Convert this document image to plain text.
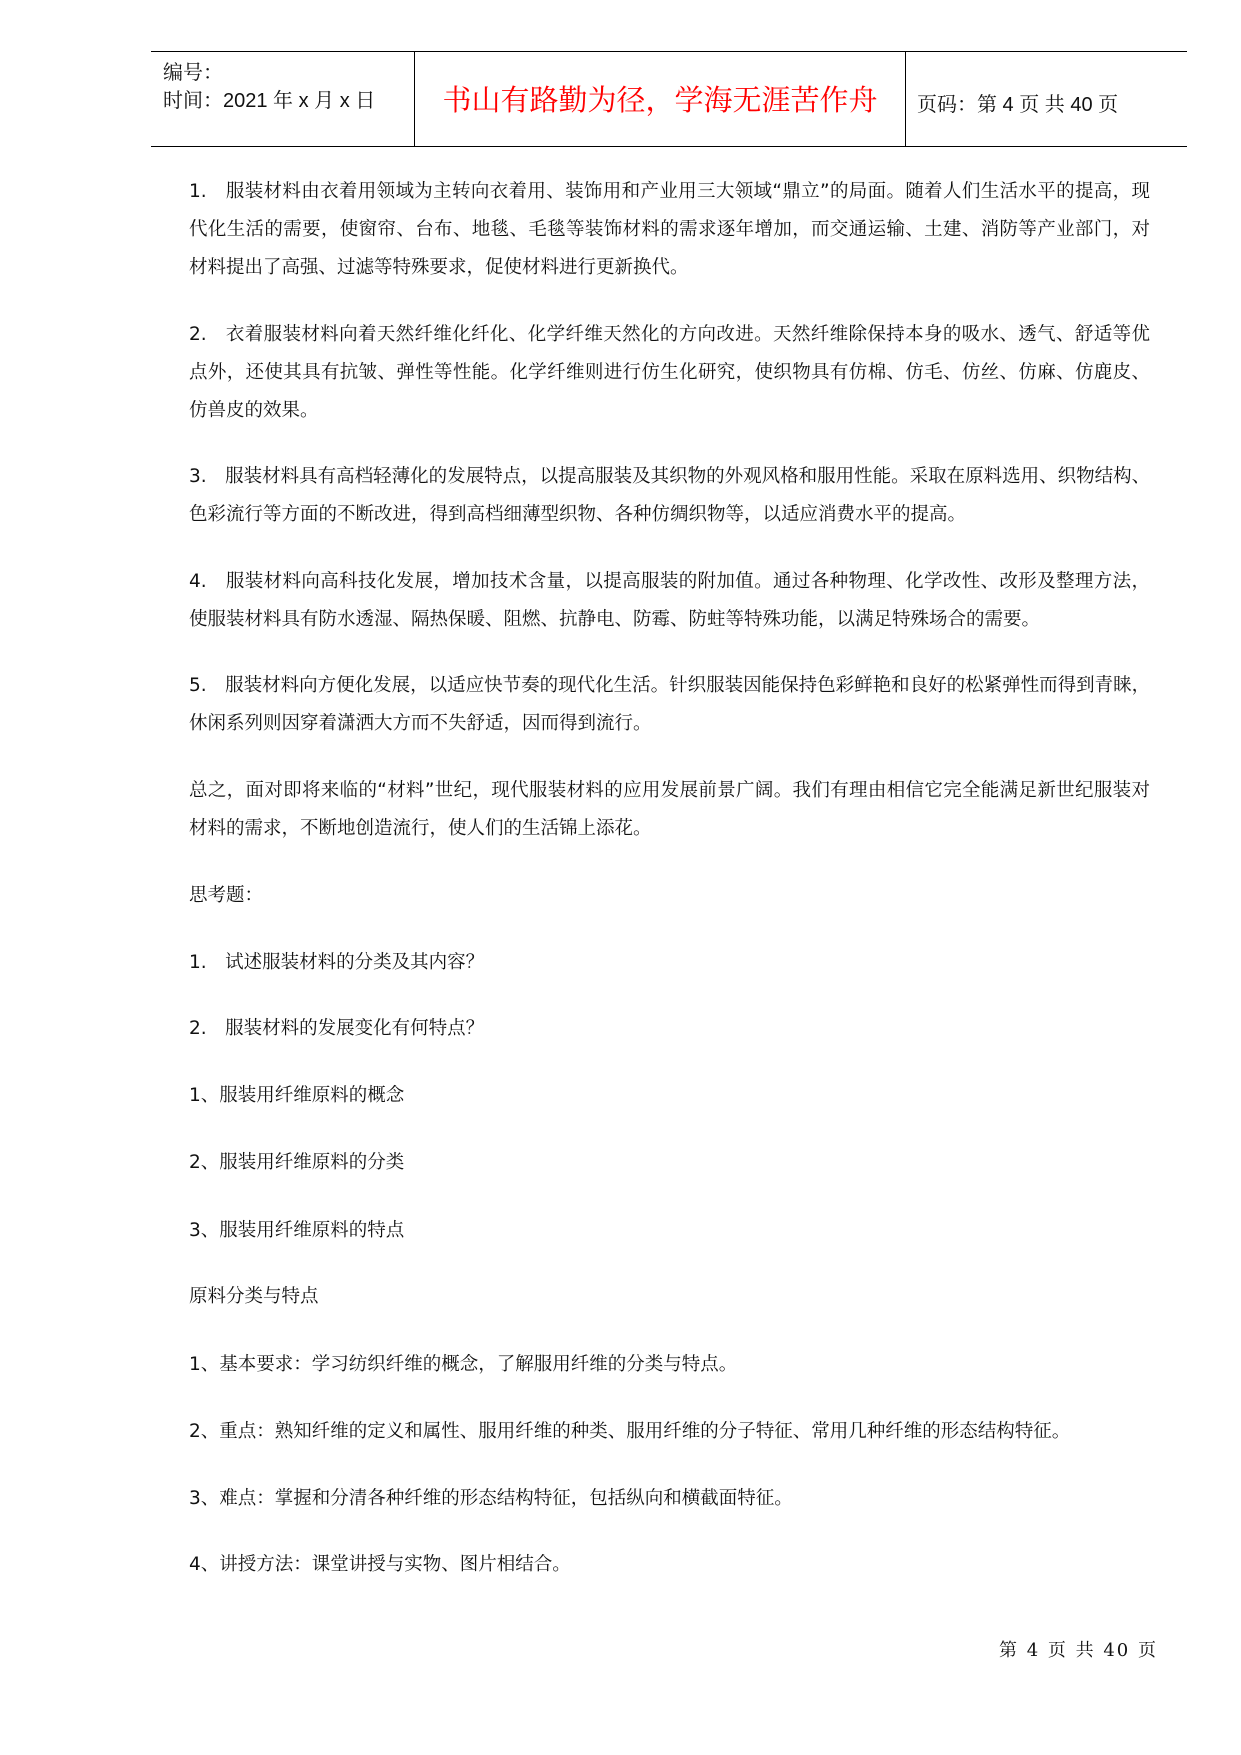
编号：
时间：2021 年 x 月 x 日	书山有路勤为径，学海无涯苦作舟	页码：第 4 页 共 40 页
1.　服装材料由衣着用领域为主转向衣着用、装饰用和产业用三大领域“鼎立”的局面。随着人们生活水平的提高，现
代化生活的需要，使窗帘、台布、地毯、毛毯等装饰材料的需求逐年增加，而交通运输、土建、消防等产业部门，对
材料提出了高强、过滤等特殊要求，促使材料进行更新换代。
2.　衣着服装材料向着天然纤维化纤化、化学纤维天然化的方向改进。天然纤维除保持本身的吸水、透气、舒适等优
点外，还使其具有抗皱、弹性等性能。化学纤维则进行仿生化研究，使织物具有仿棉、仿毛、仿丝、仿麻、仿鹿皮、
仿兽皮的效果。
3.　服装材料具有高档轻薄化的发展特点，以提高服装及其织物的外观风格和服用性能。采取在原料选用、织物结构、
色彩流行等方面的不断改进，得到高档细薄型织物、各种仿绸织物等，以适应消费水平的提高。
4.　服装材料向高科技化发展，增加技术含量，以提高服装的附加值。通过各种物理、化学改性、改形及整理方法，
使服装材料具有防水透湿、隔热保暖、阻燃、抗静电、防霉、防蛀等特殊功能，以满足特殊场合的需要。
5.　服装材料向方便化发展，以适应快节奏的现代化生活。针织服装因能保持色彩鲜艳和良好的松紧弹性而得到青睐，
休闲系列则因穿着潇洒大方而不失舒适，因而得到流行。
总之，面对即将来临的“材料”世纪，现代服装材料的应用发展前景广阔。我们有理由相信它完全能满足新世纪服装对
材料的需求，不断地创造流行，使人们的生活锦上添花。
思考题：
1.　试述服装材料的分类及其内容？
2.　服装材料的发展变化有何特点？
1、服装用纤维原料的概念
2、服装用纤维原料的分类
3、服装用纤维原料的特点
原料分类与特点
1、基本要求：学习纺织纤维的概念，了解服用纤维的分类与特点。
2、重点：熟知纤维的定义和属性、服用纤维的种类、服用纤维的分子特征、常用几种纤维的形态结构特征。
3、难点：掌握和分清各种纤维的形态结构特征，包括纵向和横截面特征。
4、讲授方法：课堂讲授与实物、图片相结合。
第 4 页 共 40 页
